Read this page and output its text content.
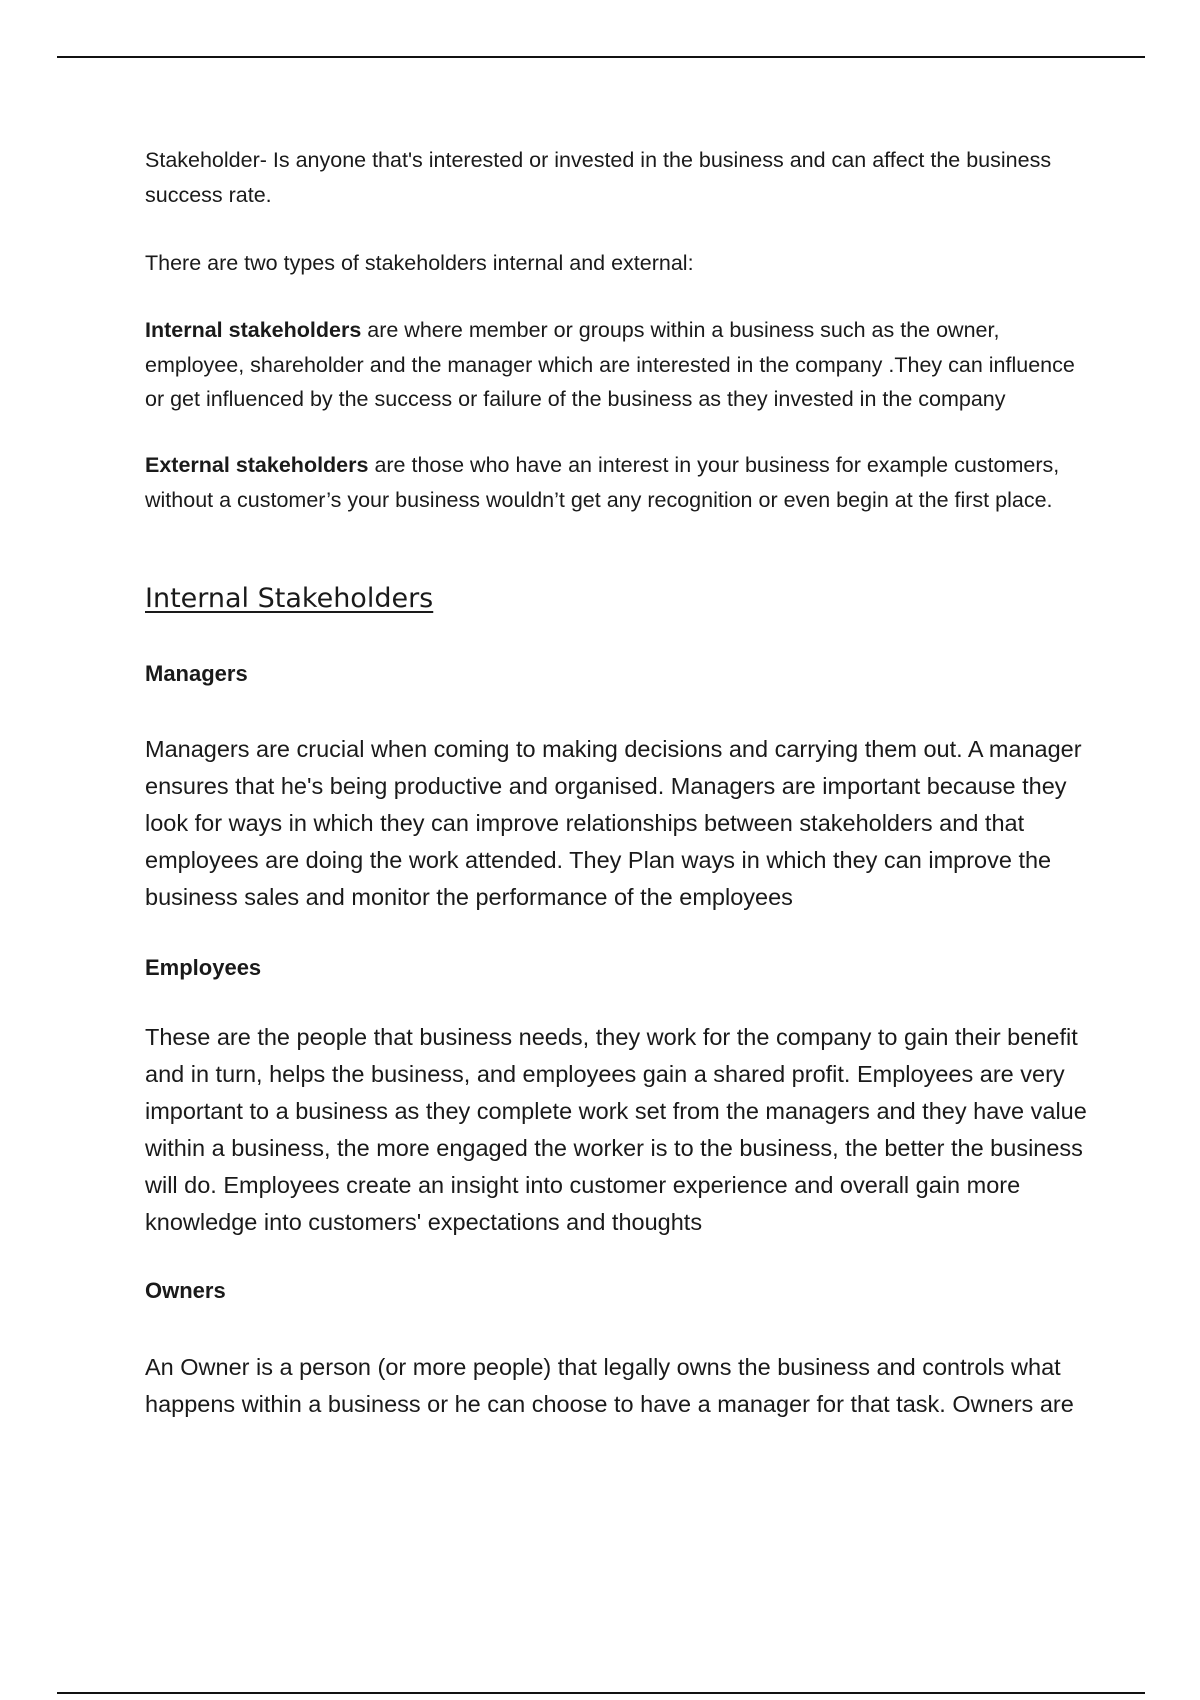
Stakeholder- Is anyone that's interested or invested in the business and can affect the business success rate.

There are two types of stakeholders internal and external:

Internal stakeholders are where member or groups within a business such as the owner, employee, shareholder and the manager which are interested in the company .They can influence or get influenced by the success or failure of the business as they invested in the company

External stakeholders are those who have an interest in your business for example customers, without a customer’s your business wouldn’t get any recognition or even begin at the first place.

Internal Stakeholders
Managers

Managers are crucial when coming to making decisions and carrying them out. A manager ensures that he's being productive and organised. Managers are important because they look for ways in which they can improve relationships between stakeholders and that employees are doing the work attended. They Plan ways in which they can improve the business sales and monitor the performance of the employees

Employees

These are the people that business needs, they work for the company to gain their benefit and in turn, helps the business, and employees gain a shared profit. Employees are very important to a business as they complete work set from the managers and they have value within a business, the more engaged the worker is to the business, the better the business will do. Employees create an insight into customer experience and overall gain more knowledge into customers' expectations and thoughts

Owners

An Owner is a person (or more people) that legally owns the business and controls what happens within a business or he can choose to have a manager for that task. Owners are
